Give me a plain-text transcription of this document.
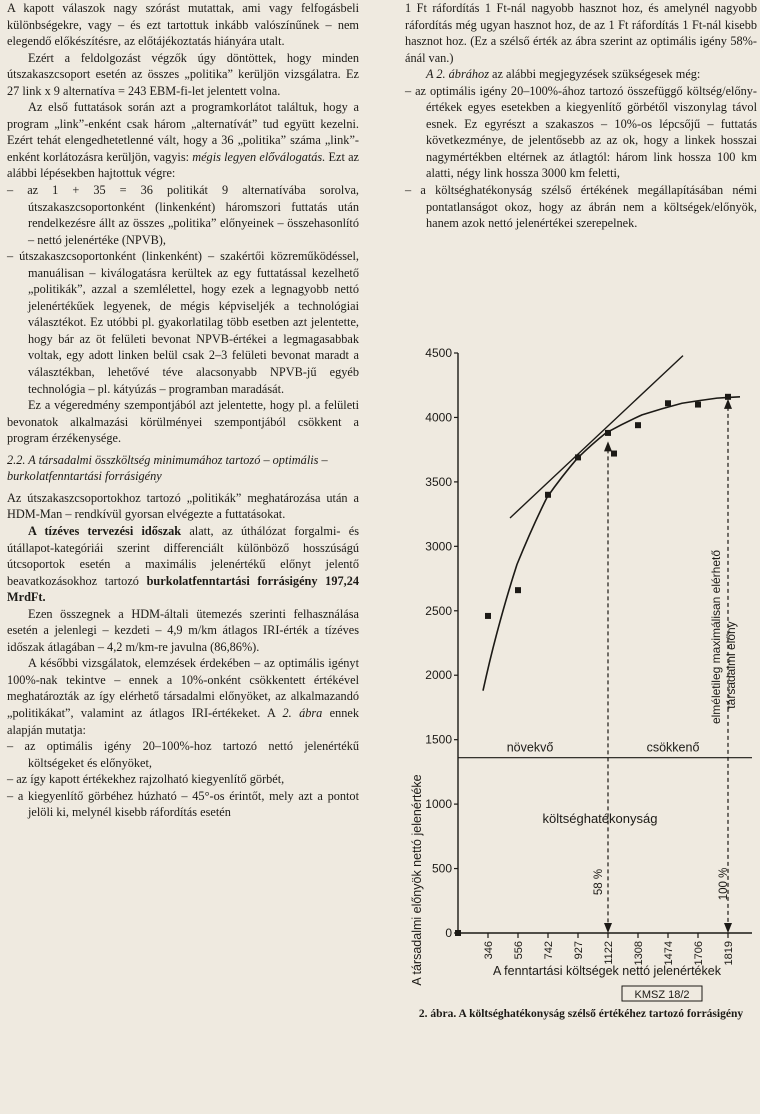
A kapott válaszok nagy szórást mutattak, ami vagy felfogásbeli különbségekre, vagy – és ezt tartottuk inkább valószínűnek – nem elegendő előkészítésre, az előtájékoztatás hiányára utalt.

Ezért a feldolgozást végzők úgy döntöttek, hogy minden útszakaszcsoport esetén az összes „politika” kerüljön vizsgálatra. Ez 27 link x 9 alternatíva = 243 EBM-fi-let jelentett volna.

Az első futtatások során azt a programkorlátot találtuk, hogy a program „link”-enként csak három „alternatívát” tud együtt kezelni. Ezért tehát elengedhetetlenné vált, hogy a 36 „politika” száma „link”-enként korlátozásra kerüljön, vagyis: mégis legyen előválogatás. Ezt az alábbi lépésekben hajtottuk végre:

– az 1 + 35 = 36 politikát 9 alternatívába sorolva, útszakaszcsoportonként (linkenként) háromszori futtatás után rendelkezésre állt az összes „politika” előnyeinek – összehasonlító – nettó jelenértéke (NPVB),

– útszakaszcsoportonként (linkenként) – szakértői közreműködéssel, manuálisan – kiválogatásra kerültek az egy futtatással kezelhető „politikák”, azzal a szemlélettel, hogy ezek a legnagyobb nettó jelenértékűek legyenek, de mégis képviseljék a technológiai választékot. Ez utóbbi pl. gyakorlatilag több esetben azt jelentette, hogy bár az öt felületi bevonat NPVB-értékei a legmagasabbak voltak, egy adott linken belül csak 2–3 felületi bevonat maradt a választékban, lehetővé téve alacsonyabb NPVB-jű egyéb technológia – pl. kátyúzás – programban maradását.

Ez a végeredmény szempontjából azt jelentette, hogy pl. a felületi bevonatok alkalmazási körülményei szempontjából csökkent a program érzékenysége.

2.2. A társadalmi összköltség minimumához tartozó – optimális – burkolatfenntartási forrásigény

Az útszakaszcsoportokhoz tartozó „politikák” meghatározása után a HDM-Man – rendkívül gyorsan elvégezte a futtatásokat.

A tízéves tervezési időszak alatt, az úthálózat forgalmi- és útállapot-kategóriái szerint differenciált különböző hosszúságú útcsoportok esetén a maximális jelenértékű előnyt jelentő beavatkozásokhoz tartozó burkolatfenntartási forrásigény 197,24 MrdFt.

Ezen összegnek a HDM-általi ütemezés szerinti felhasználása esetén a jelenlegi – kezdeti – 4,9 m/km átlagos IRI-érték a tízéves időszak átlagában – 4,2 m/km-re javulna (86,86%).

A későbbi vizsgálatok, elemzések érdekében – az optimális igényt 100%-nak tekintve – ennek a 10%-onként csökkentett értékével meghatározták az így elérhető társadalmi előnyöket, az alkalmazandó „politikákat”, valamint az átlagos IRI-értékeket. A 2. ábra ennek alapján mutatja:

– az optimális igény 20–100%-hoz tartozó nettó jelenértékű költségeket és előnyöket,

– az így kapott értékekhez rajzolható kiegyenlítő görbét,

– a kiegyenlítő görbéhez húzható – 45°-os érintőt, mely azt a pontot jelöli ki, melynél kisebb ráfordítás esetén

1 Ft ráfordítás 1 Ft-nál nagyobb hasznot hoz, és amelynél nagyobb ráfordítás még ugyan hasznot hoz, de az 1 Ft ráfordítás 1 Ft-nál kisebb hasznot hoz. (Ez a szélső érték az ábra szerint az optimális igény 58%-ánál van.)

A 2. ábrához az alábbi megjegyzések szükségesek még:

– az optimális igény 20–100%-ához tartozó összefüggő költség/előny-értékek egyes esetekben a kiegyenlítő görbétől viszonylag távol esnek. Ez egyrészt a szakaszos – 10%-os lépcsőjű – futtatás következménye, de jelentősebb az az ok, hogy a linkek hosszai nagymértékben eltérnek az átlagtól: három link hossza 100 km alatti, négy link hossza 3000 km feletti,

– a költséghatékonyság szélső értékének megállapításában némi pontatlanságot okoz, hogy az ábrán nem a költségek/előnyök, hanem azok nettó jelenértékei szerepelnek.

0
500
1000
1500
2000
2500
3000
3500
4000
4500
346 556 742 927 1122 1308 1474 1706 1819
A társadalmi előnyök nettó jelenértéke	A fenntartási költségek nettó jelenértékek
növekvő	csökkenő
költséghatékonyság
58 %	100 %
elméletileg maximálisan elérhető társadalmi előny
KMSZ 18/2
2. ábra. A költséghatékonyság szélső értékéhez tartozó forrásigény
